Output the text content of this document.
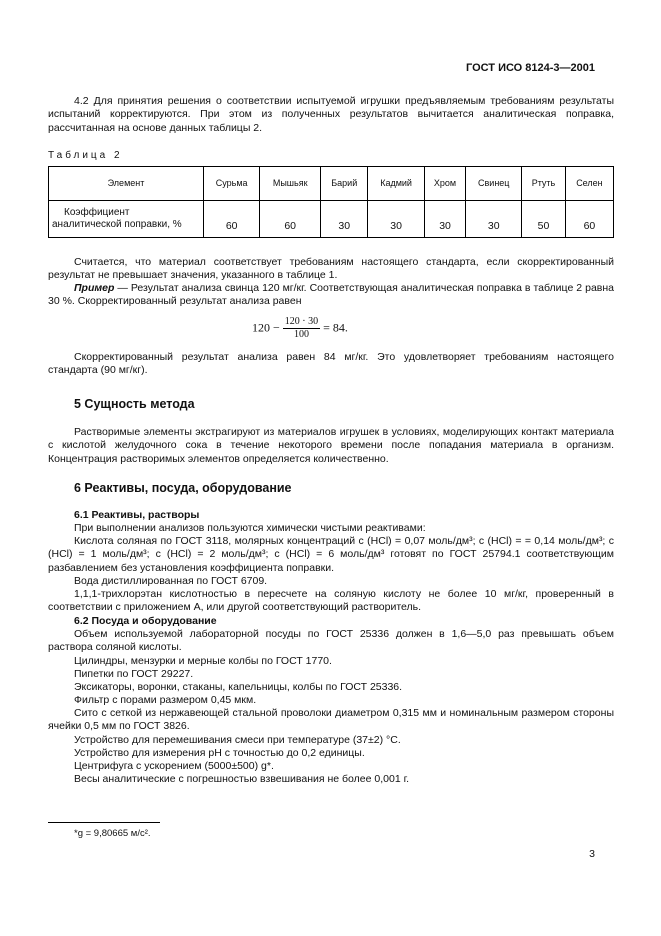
ГОСТ ИСО 8124-3—2001

4.2 Для принятия решения о соответствии испытуемой игрушки предъявляемым требованиям результаты испытаний корректируются. При этом из полученных результатов вычитается аналитическая поправка, рассчитанная на основе данных таблицы 2.

Таблица 2

Элемент	Сурьма	Мышьяк	Барий	Кадмий	Хром	Свинец	Ртуть	Селен
Коэффициент аналитической поправки, %	60	60	30	30	30	30	50	60

Считается, что материал соответствует требованиям настоящего стандарта, если скорректированный результат не превышает значения, указанного в таблице 1.

Пример — Результат анализа свинца 120 мг/кг. Соответствующая аналитическая поправка в таблице 2 равна 30 %. Скорректированный результат анализа равен

$120 - \frac{120 \cdot 30}{100} = 84$.

Скорректированный результат анализа равен 84 мг/кг. Это удовлетворяет требованиям настоящего стандарта (90 мг/кг).

5 Сущность метода

Растворимые элементы экстрагируют из материалов игрушек в условиях, моделирующих контакт материала с кислотой желудочного сока в течение некоторого времени после попадания материала в организм. Концентрация растворимых элементов определяется количественно.

6 Реактивы, посуда, оборудование
6.1 Реактивы, растворы

При выполнении анализов пользуются химически чистыми реактивами:

Кислота соляная по ГОСТ 3118, молярных концентраций c (HCl) = 0,07 моль/дм³; c (HCl) = = 0,14 моль/дм³; c (HCl) = 1 моль/дм³; c (HCl) = 2 моль/дм³; c (HCl) = 6 моль/дм³ готовят по ГОСТ 25794.1 соответствующим разбавлением без установления коэффициента поправки.

Вода дистиллированная по ГОСТ 6709.

1,1,1-трихлорэтан кислотностью в пересчете на соляную кислоту не более 10 мг/кг, проверенный в соответствии с приложением А, или другой соответствующий растворитель.

6.2 Посуда и оборудование

Объем используемой лабораторной посуды по ГОСТ 25336 должен в 1,6—5,0 раз превышать объем раствора соляной кислоты.

Цилиндры, мензурки и мерные колбы по ГОСТ 1770.

Пипетки по ГОСТ 29227.

Эксикаторы, воронки, стаканы, капельницы, колбы по ГОСТ 25336.

Фильтр с порами размером 0,45 мкм.

Сито с сеткой из нержавеющей стальной проволоки диаметром 0,315 мм и номинальным размером стороны ячейки 0,5 мм по ГОСТ 3826.

Устройство для перемешивания смеси при температуре (37±2) °С.

Устройство для измерения рН с точностью до 0,2 единицы.

Центрифуга с ускорением (5000±500) g*.

Весы аналитические с погрешностью взвешивания не более 0,001 г.

*g = 9,80665 м/с².

3
